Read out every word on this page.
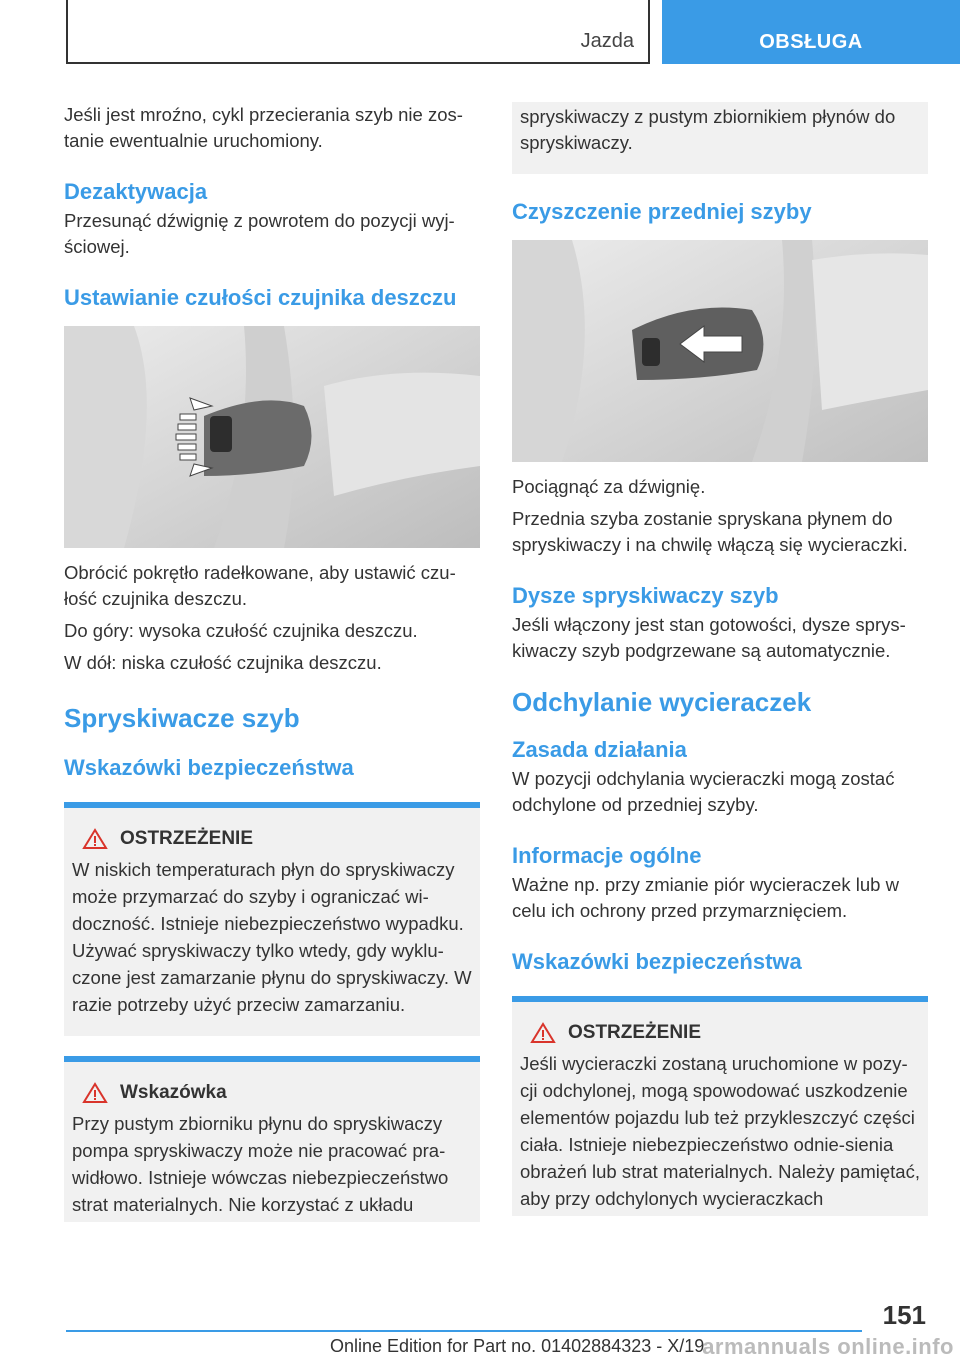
Jazda	OBSŁUGA

Jeśli jest mroźno, cykl przecierania szyb nie zos‐tanie ewentualnie uruchomiony.

Dezaktywacja

Przesunąć dźwignię z powrotem do pozycji wyj‐ściowej.

Ustawianie czułości czujnika deszczu

Obrócić pokrętło radełkowane, aby ustawić czu‐łość czujnika deszczu.

Do góry: wysoka czułość czujnika deszczu.

W dół: niska czułość czujnika deszczu.

Spryskiwacze szyb
Wskazówki bezpieczeństwa
OSTRZEŻENIE

W niskich temperaturach płyn do spryskiwaczy może przymarzać do szyby i ograniczać wi‐doczność. Istnieje niebezpieczeństwo wypadku. Używać spryskiwaczy tylko wtedy, gdy wyklu‐czone jest zamarzanie płynu do spryskiwaczy. W razie potrzeby użyć przeciw zamarzaniu.

Wskazówka

Przy pustym zbiorniku płynu do spryskiwaczy pompa spryskiwaczy może nie pracować pra‐widłowo. Istnieje wówczas niebezpieczeństwo strat materialnych. Nie korzystać z układu

spryskiwaczy z pustym zbiornikiem płynów do spryskiwaczy.

Czyszczenie przedniej szyby

Pociągnąć za dźwignię.

Przednia szyba zostanie spryskana płynem do spryskiwaczy i na chwilę włączą się wycieraczki.

Dysze spryskiwaczy szyb

Jeśli włączony jest stan gotowości, dysze sprys‐kiwaczy szyb podgrzewane są automatycznie.

Odchylanie wycieraczek
Zasada działania

W pozycji odchylania wycieraczki mogą zostać odchylone od przedniej szyby.

Informacje ogólne

Ważne np. przy zmianie piór wycieraczek lub w celu ich ochrony przed przymarznięciem.

Wskazówki bezpieczeństwa
OSTRZEŻENIE

Jeśli wycieraczki zostaną uruchomione w pozy‐cji odchylonej, mogą spowodować uszkodzenie elementów pojazdu lub też przykleszczyć części ciała. Istnieje niebezpieczeństwo odnie‐sienia obrażeń lub strat materialnych. Należy pamiętać, aby przy odchylonych wycieraczkach

151
Online Edition for Part no. 01402884323 - X/19
armannuals online.info
